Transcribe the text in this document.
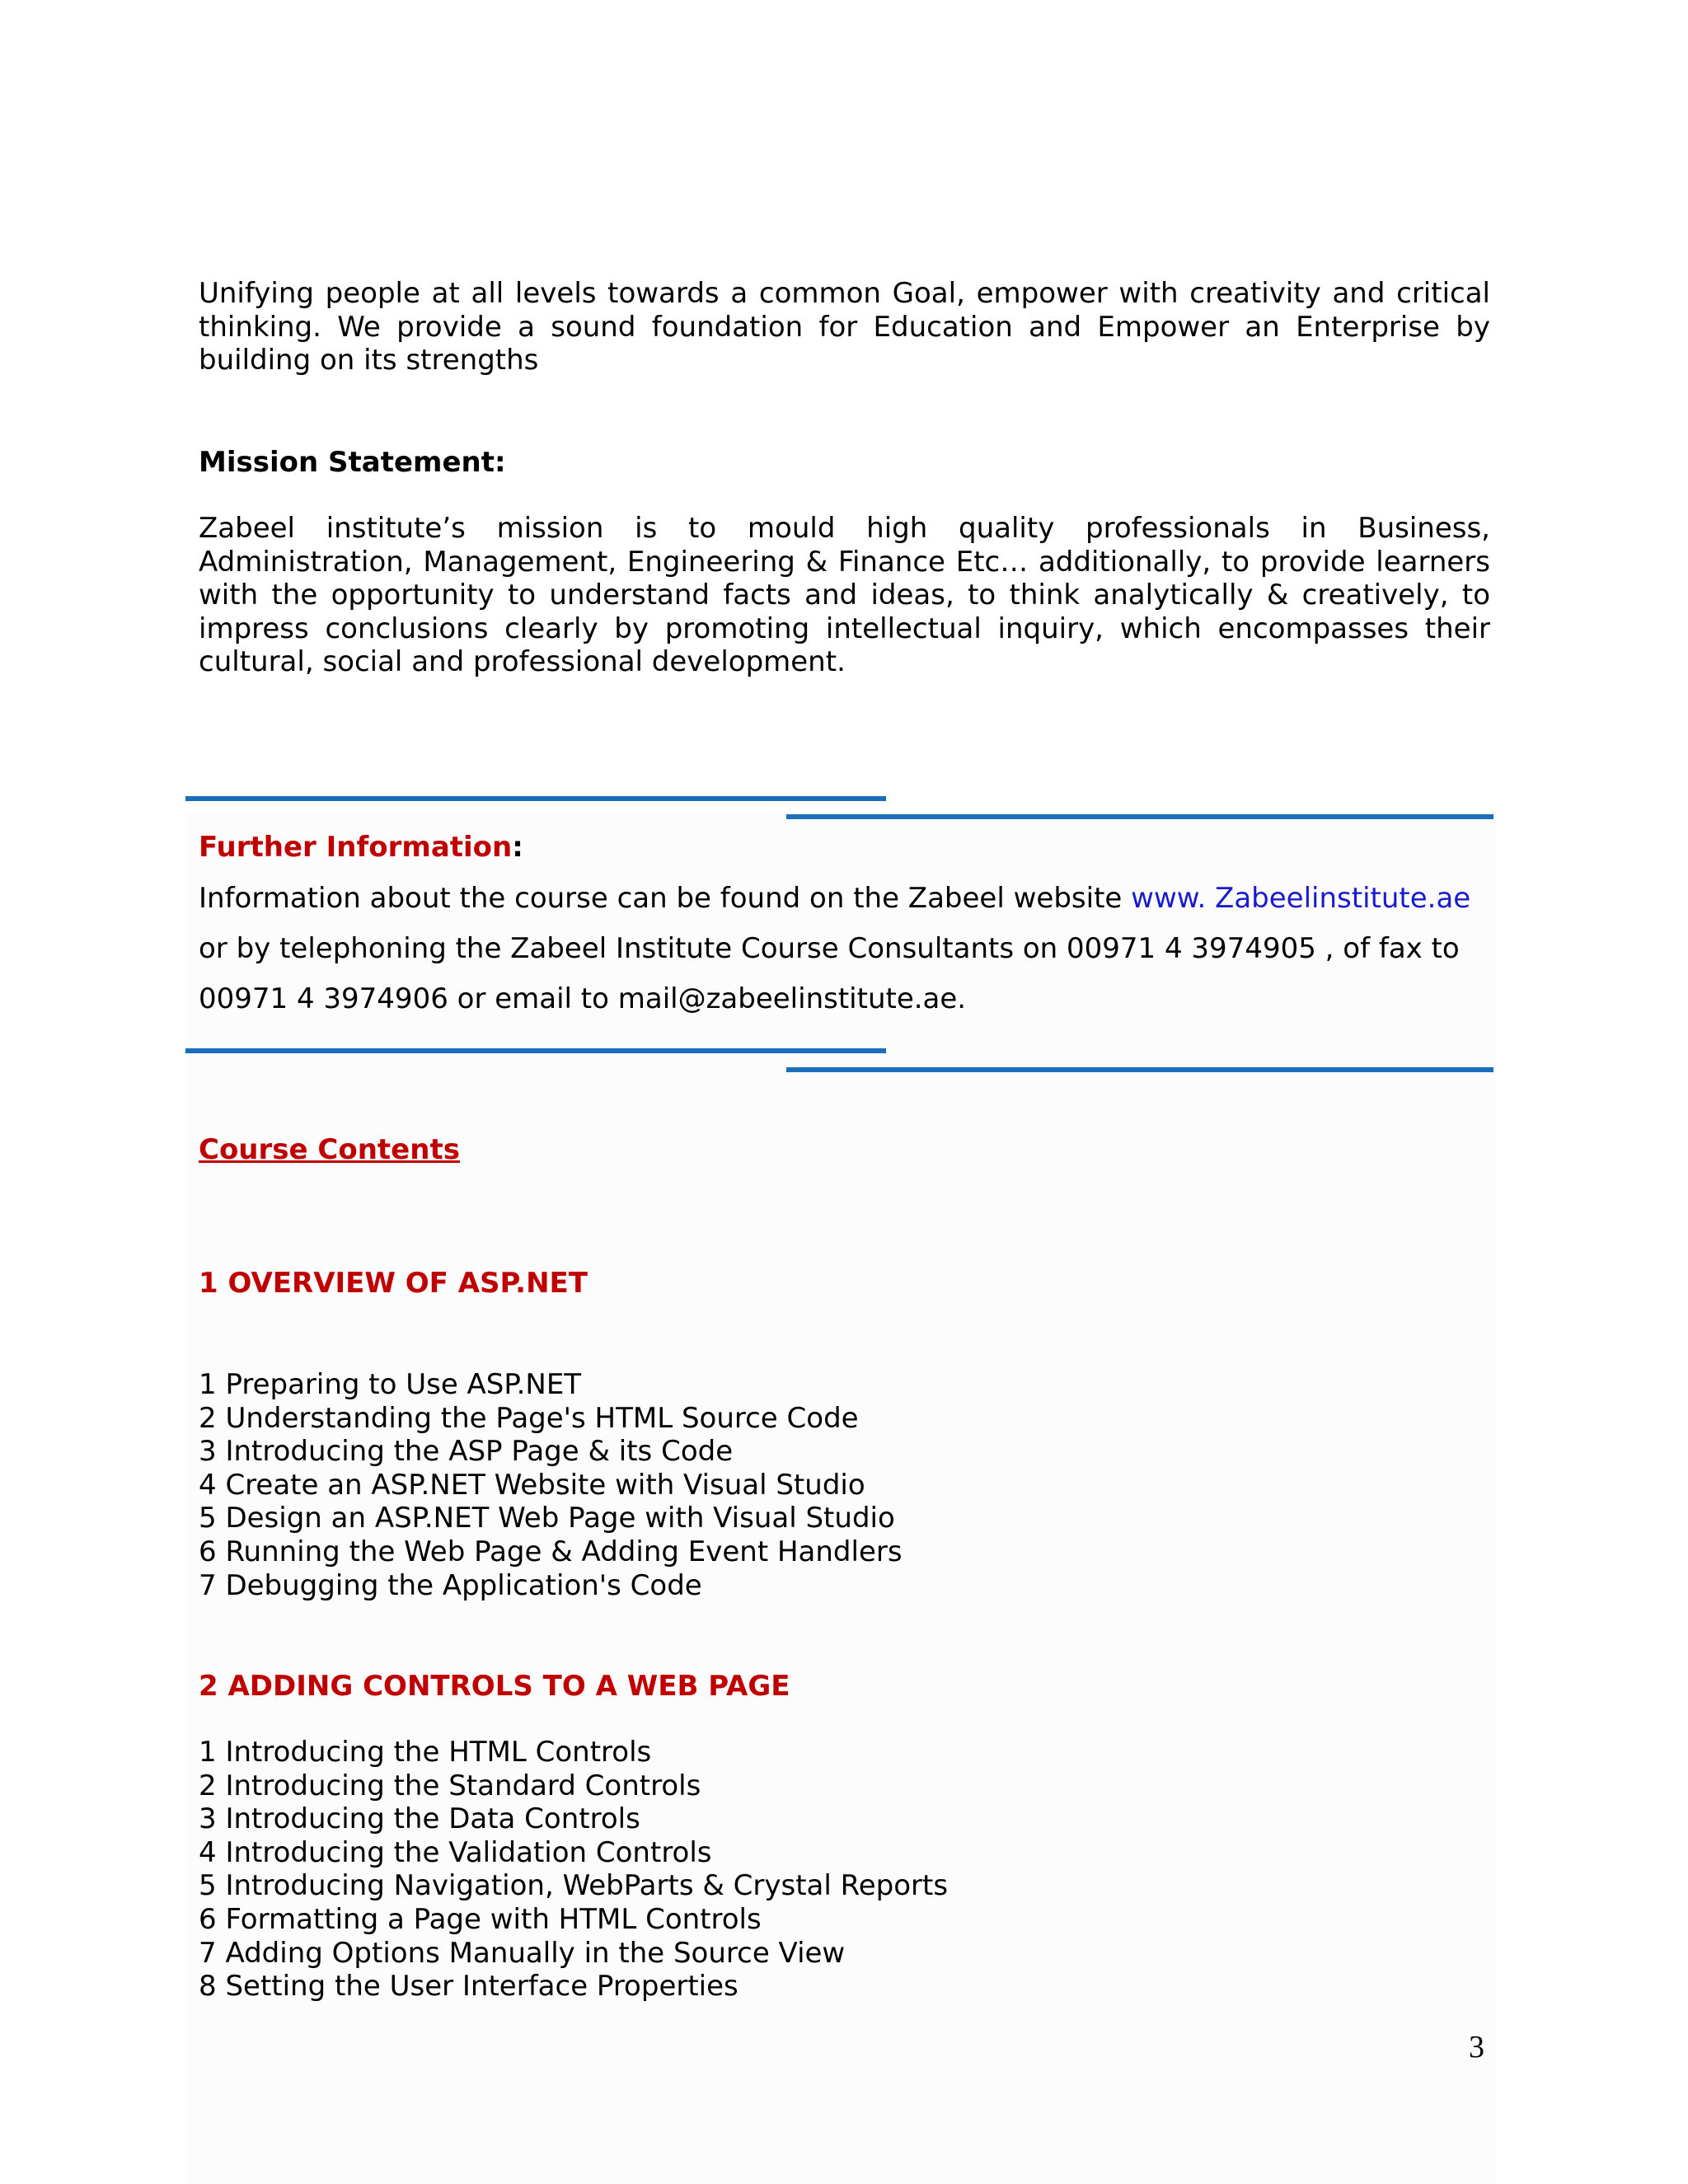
Unifying people at all levels towards a common Goal, empower with creativity and critical thinking. We provide a sound foundation for Education and Empower an Enterprise by building on its strengths

Mission Statement:

Zabeel institute’s mission is to mould high quality professionals in Business, Administration, Management, Engineering & Finance Etc… additionally, to provide learners with the opportunity to understand facts and ideas, to think analytically & creatively, to impress conclusions clearly by promoting intellectual inquiry, which encompasses their cultural, social and professional development.

Further Information:
Information about the course can be found on the Zabeel website www. Zabeelinstitute.ae
or by telephoning the Zabeel Institute Course Consultants on 00971 4 3974905 , of fax to 00971 4 3974906 or email to mail@zabeelinstitute.ae.
Course Contents
1 OVERVIEW OF ASP.NET
1 Preparing to Use ASP.NET
2 Understanding the Page's HTML Source Code
3 Introducing the ASP Page & its Code
4 Create an ASP.NET Website with Visual Studio
5 Design an ASP.NET Web Page with Visual Studio
6 Running the Web Page & Adding Event Handlers
7 Debugging the Application's Code
2 ADDING CONTROLS TO A WEB PAGE
1 Introducing the HTML Controls
2 Introducing the Standard Controls
3 Introducing the Data Controls
4 Introducing the Validation Controls
5 Introducing Navigation, WebParts & Crystal Reports
6 Formatting a Page with HTML Controls
7 Adding Options Manually in the Source View
8 Setting the User Interface Properties
3
